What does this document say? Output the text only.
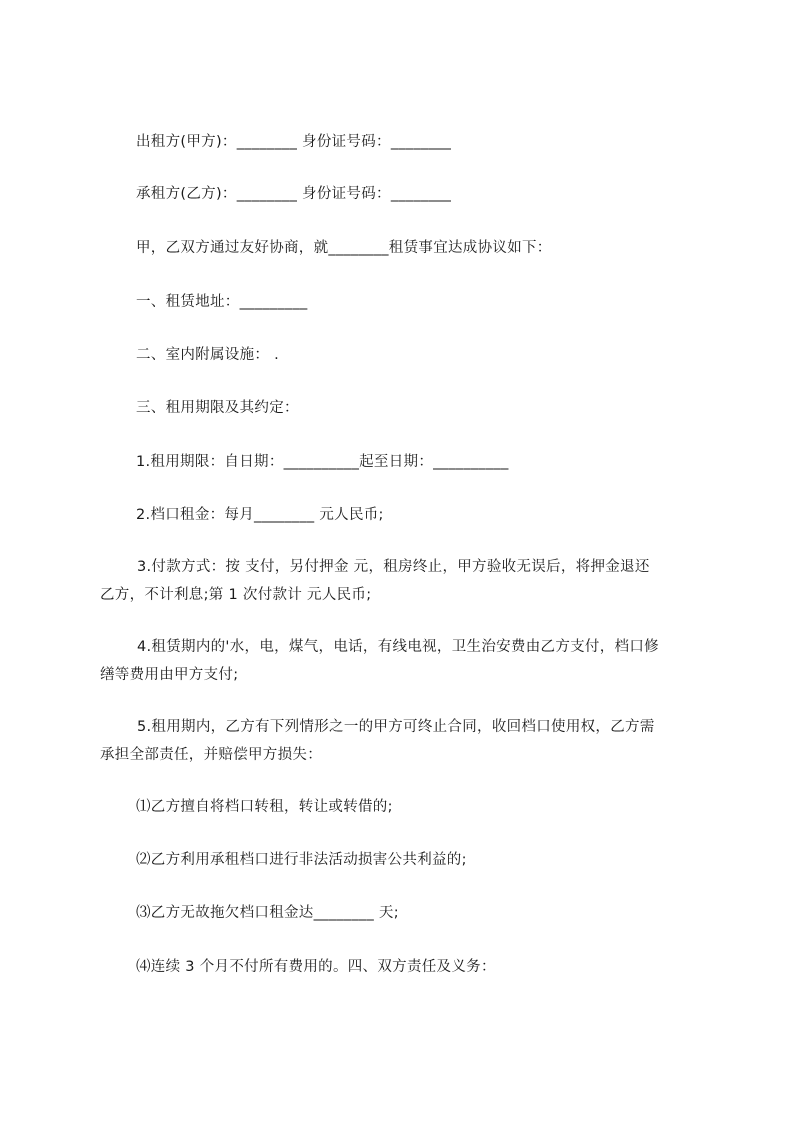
出租方(甲方)：________ 身份证号码：________
承租方(乙方)：________ 身份证号码：________
甲，乙双方通过友好协商，就________租赁事宜达成协议如下：
一、租赁地址：_________
二、室内附属设施： .
三、租用期限及其约定：
1.租用期限：自日期：__________起至日期：__________
2.档口租金：每月________ 元人民币;
3.付款方式：按 支付，另付押金 元，租房终止，甲方验收无误后，将押金退还
乙方，不计利息;第 1 次付款计 元人民币;
4.租赁期内的'水，电，煤气，电话，有线电视，卫生治安费由乙方支付，档口修
缮等费用由甲方支付;
5.租用期内，乙方有下列情形之一的甲方可终止合同，收回档口使用权，乙方需
承担全部责任，并赔偿甲方损失：
⑴乙方擅自将档口转租，转让或转借的;
⑵乙方利用承租档口进行非法活动损害公共利益的;
⑶乙方无故拖欠档口租金达________ 天;
⑷连续 3 个月不付所有费用的。四、双方责任及义务：
